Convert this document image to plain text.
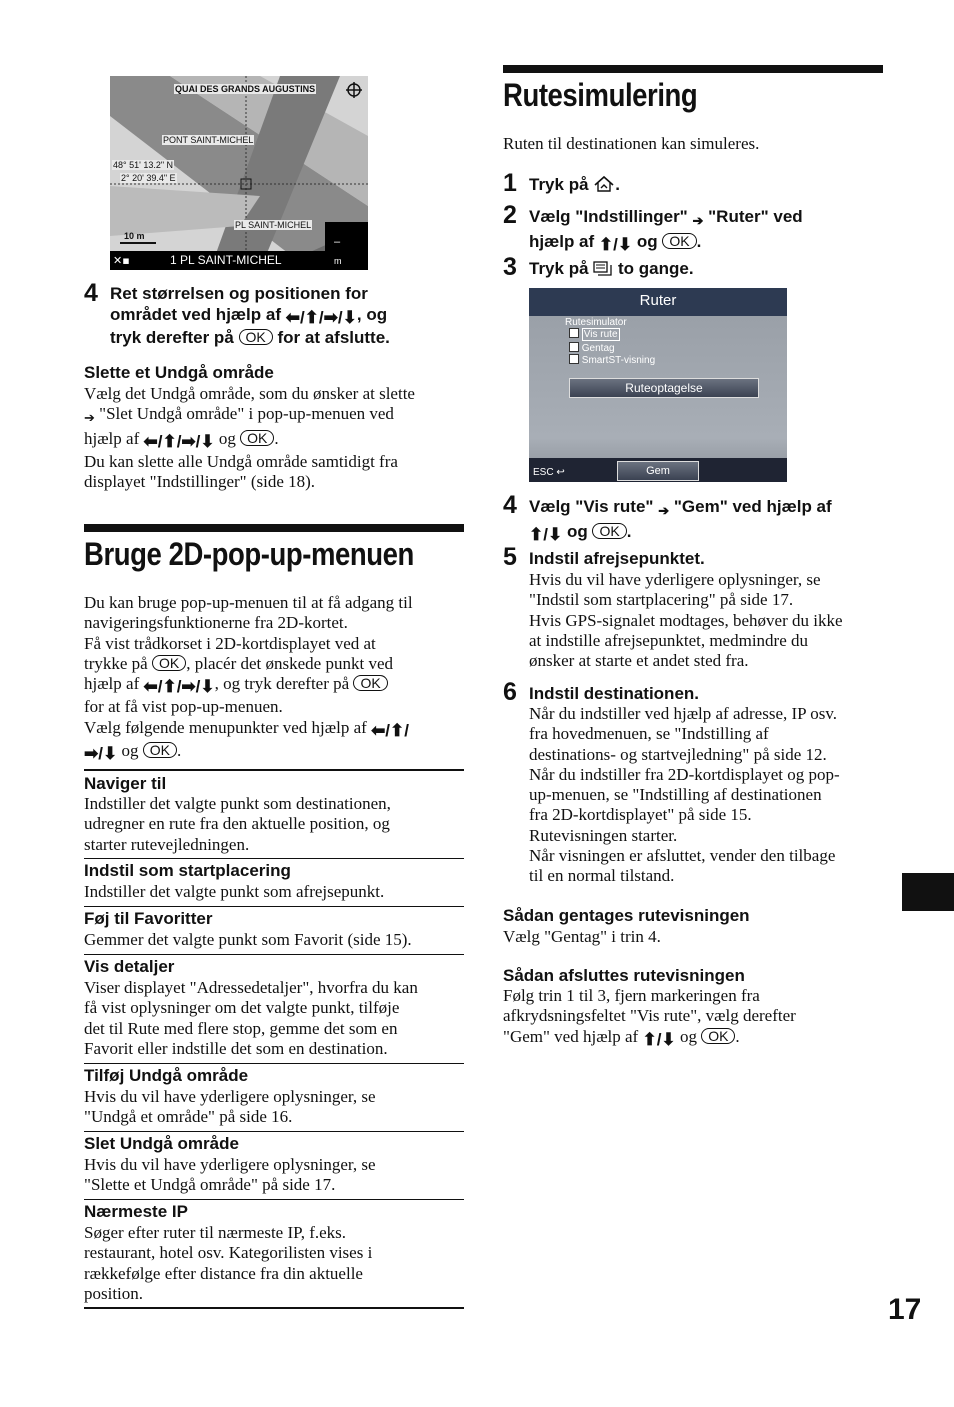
QUAI DES GRANDS AUGUSTINS
PONT SAINT-MICHEL
48° 51' 13.2" N
2° 20' 39.4" E
PL SAINT-MICHEL
10 m	–
✕▪	1 PL SAINT-MICHEL	m
4 Ret størrelsen og positionen for
området ved hjælp af ⬅/⬆/➡/⬇, og
tryk derefter på OK for at afslutte.
Slette et Undgå område
Vælg det Undgå område, som du ønsker at slette
➔ "Slet Undgå område" i pop-up-menuen ved
hjælp af ⬅/⬆/➡/⬇ og OK .
Du kan slette alle Undgå område samtidigt fra
displayet "Indstillinger" (side 18).
Bruge 2D-pop-up-menuen
Du kan bruge pop-up-menuen til at få adgang til
navigeringsfunktionerne fra 2D-kortet.
Få vist trådkorset i 2D-kortdisplayet ved at
trykke på OK , placér det ønskede punkt ved
hjælp af ⬅/⬆/➡/⬇, og tryk derefter på OK
for at få vist pop-up-menuen.
Vælg følgende menupunkter ved hjælp af ⬅/⬆/
➡/⬇ og OK .
Naviger til
Indstiller det valgte punkt som destinationen,
udregner en rute fra den aktuelle position, og
starter rutevejledningen.
Indstil som startplacering
Indstiller det valgte punkt som afrejsepunkt.
Føj til Favoritter
Gemmer det valgte punkt som Favorit (side 15).
Vis detaljer
Viser displayet "Adressedetaljer", hvorfra du kan
få vist oplysninger om det valgte punkt, tilføje
det til Rute med flere stop, gemme det som en
Favorit eller indstille det som en destination.
Tilføj Undgå område
Hvis du vil have yderligere oplysninger, se
"Undgå et område" på side 16.
Slet Undgå område
Hvis du vil have yderligere oplysninger, se
"Slette et Undgå område" på side 17.
Nærmeste IP
Søger efter ruter til nærmeste IP, f.eks.
restaurant, hotel osv. Kategorilisten vises i
rækkefølge efter distance fra din aktuelle
position.
Rutesimulering
Ruten til destinationen kan simuleres.
1 Tryk på .
2 Vælg "Indstillinger" ➔ "Ruter" ved
hjælp af ⬆/⬇ og OK .
3 Tryk på to gange.
Ruter
Rutesimulator
Vis rute
Gentag
SmartST-visning
Ruteoptagelse
ESC ↩	Gem
4 Vælg "Vis rute" ➔ "Gem" ved hjælp af
⬆/⬇ og OK .
5 Indstil afrejsepunktet.
Hvis du vil have yderligere oplysninger, se
"Indstil som startplacering" på side 17.
Hvis GPS-signalet modtages, behøver du ikke
at indstille afrejsepunktet, medmindre du
ønsker at starte et andet sted fra.
6 Indstil destinationen.
Når du indstiller ved hjælp af adresse, IP osv.
fra hovedmenuen, se "Indstilling af
destinations- og startvejledning" på side 12.
Når du indstiller fra 2D-kortdisplayet og pop-
up-menuen, se "Indstilling af destinationen
fra 2D-kortdisplayet" på side 15.
Rutevisningen starter.
Når visningen er afsluttet, vender den tilbage
til en normal tilstand.
Sådan gentages rutevisningen
Vælg "Gentag" i trin 4.
Sådan afsluttes rutevisningen
Følg trin 1 til 3, fjern markeringen fra
afkrydsningsfeltet "Vis rute", vælg derefter
"Gem" ved hjælp af ⬆/⬇ og OK .
17
